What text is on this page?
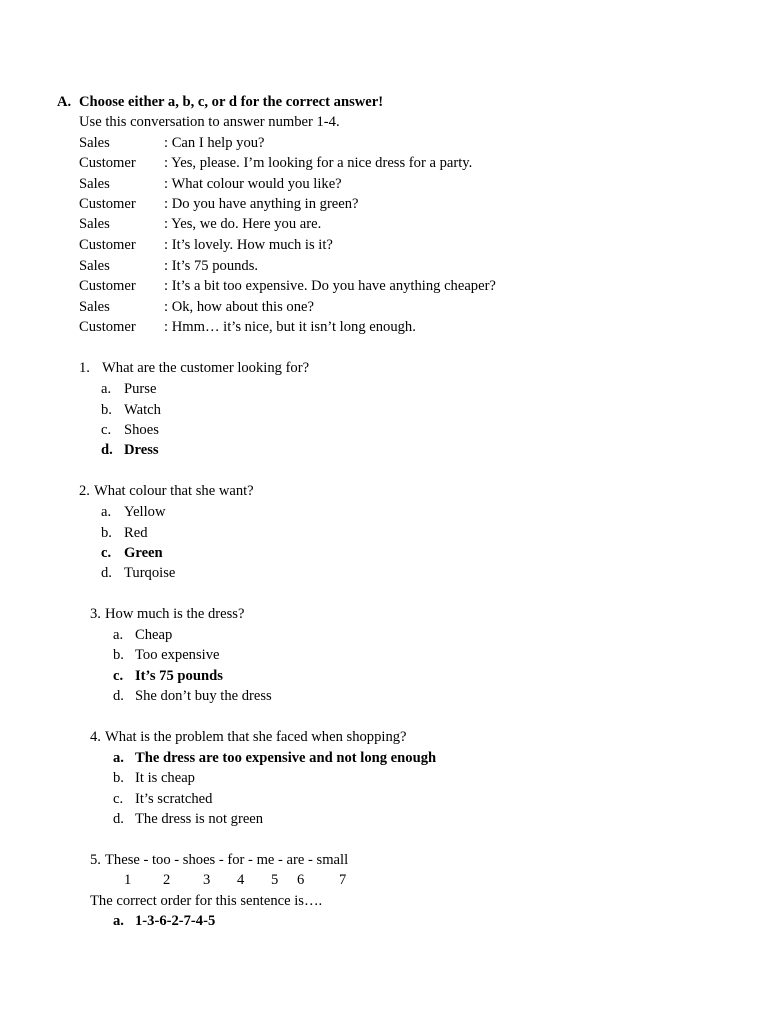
A. Choose either a, b, c, or d for the correct answer!
Use this conversation to answer number 1-4.
Sales	: Can I help you?
Customer : Yes, please. I’m looking for a nice dress for a party.
Sales	: What colour would you like?
Customer : Do you have anything in green?
Sales	: Yes, we do. Here you are.
Customer : It’s lovely. How much is it?
Sales	: It’s 75 pounds.
Customer : It’s a bit too expensive. Do you have anything cheaper?
Sales	: Ok, how about this one?
Customer : Hmm… it’s nice, but it isn’t long enough.
1. What are the customer looking for?
a. Purse
b. Watch
c. Shoes
d. Dress
2. What colour that she want?
a. Yellow
b. Red
c. Green
d. Turqoise
3. How much is the dress?
a. Cheap
b. Too expensive
c. It’s 75 pounds
d. She don’t buy the dress
4. What is the problem that she faced when shopping?
a. The dress are too expensive and not long enough
b. It is cheap
c. It’s scratched
d. The dress is not green
5. These - too - shoes - for - me - are - small
1 2 3 4 5 6 7
The correct order for this sentence is….
a. 1-3-6-2-7-4-5
